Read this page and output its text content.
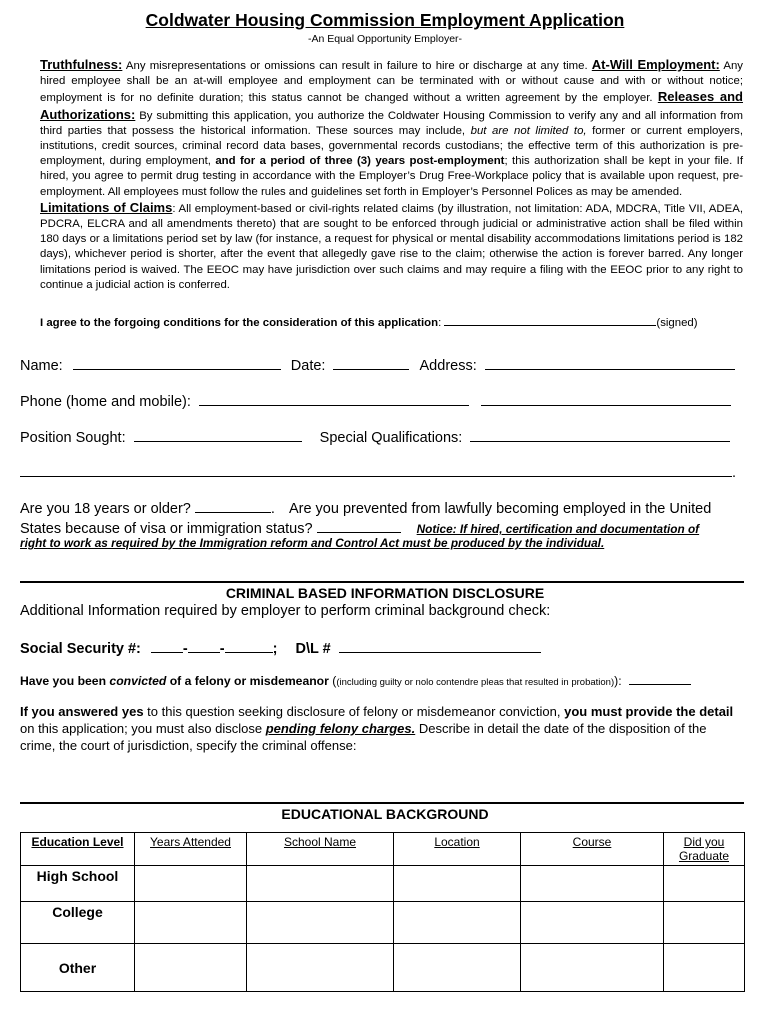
Coldwater Housing Commission Employment Application
-An Equal Opportunity Employer-
Truthfulness: Any misrepresentations or omissions can result in failure to hire or discharge at any time. At-Will Employment: Any hired employee shall be an at-will employee and employment can be terminated with or without cause and with or without notice; employment is for no definite duration; this status cannot be changed without a written agreement by the employer. Releases and Authorizations: By submitting this application, you authorize the Coldwater Housing Commission to verify any and all information from third parties that possess the historical information. These sources may include, but are not limited to, former or current employers, institutions, credit sources, criminal record data bases, governmental records custodians; the effective term of this authorization is pre-employment, during employment, and for a period of three (3) years post-employment; this authorization shall be kept in your file. If hired, you agree to permit drug testing in accordance with the Employer’s Drug Free-Workplace policy that is available upon request, pre-employment. All employees must follow the rules and guidelines set forth in Employer’s Personnel Polices as may be amended.
Limitations of Claims: All employment-based or civil-rights related claims (by illustration, not limitation: ADA, MDCRA, Title VII, ADEA, PDCRA, ELCRA and all amendments thereto) that are sought to be enforced through judicial or administrative action shall be filed within 180 days or a limitations period set by law (for instance, a request for physical or mental disability accommodations limitations period is 182 days), whichever period is shorter, after the event that allegedly gave rise to the claim; otherwise the action is forever barred. Any longer limitations period is waived. The EEOC may have jurisdiction over such claims and may require a filing with the EEOC prior to any right to continue a judicial action is conferred.
I agree to the forgoing conditions for the consideration of this application:	(signed)
Name:	Date:	Address:
Phone (home and mobile):
Position Sought:	Special Qualifications:
.
Are you 18 years or older?	. Are you prevented from lawfully becoming employed in the United
States because of visa or immigration status?	Notice: If hired, certification and documentation of
right to work as required by the Immigration reform and Control Act must be produced by the individual.
CRIMINAL BASED INFORMATION DISCLOSURE
Additional Information required by employer to perform criminal background check:
Social Security #:	- -	; D\L #
Have you been convicted of a felony or misdemeanor ((including guilty or nolo contendre pleas that resulted in probation)):
If you answered yes to this question seeking disclosure of felony or misdemeanor conviction, you must provide the detail on this application; you must also disclose pending felony charges. Describe in detail the date of the disposition of the crime, the court of jurisdiction, specify the criminal offense:
EDUCATIONAL BACKGROUND
Education Level	Years Attended	School Name	Location	Course	Did you Graduate
High School					
College					
Other					
